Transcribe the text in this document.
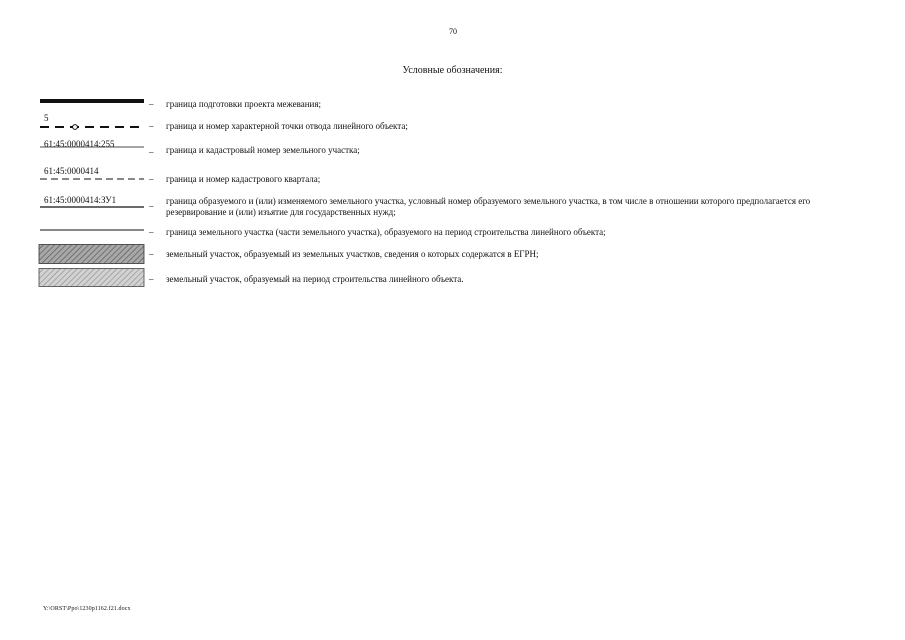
70
Условные обозначения:
– граница подготовки проекта межевания;
5
– граница и номер характерной точки отвода линейного объекта;
61:45:0000414:255
– граница и кадастровый номер земельного участка;
61:45:0000414
– граница и номер кадастрового квартала;
61:45:0000414:ЗУ1
– граница образуемого и (или) изменяемого земельного участка, условный номер образуемого земельного участка, в том числе в отношении которого предполагается его резервирование и (или) изъятие для государственных нужд;
– граница земельного участка (части земельного участка), образуемого на период строительства линейного объекта;
– земельный участок, образуемый из земельных участков, сведения о которых содержатся в ЕГРН;
– земельный участок, образуемый на период строительства линейного объекта.
Y:\ORST\Ppo\1230p1162.f21.docx
